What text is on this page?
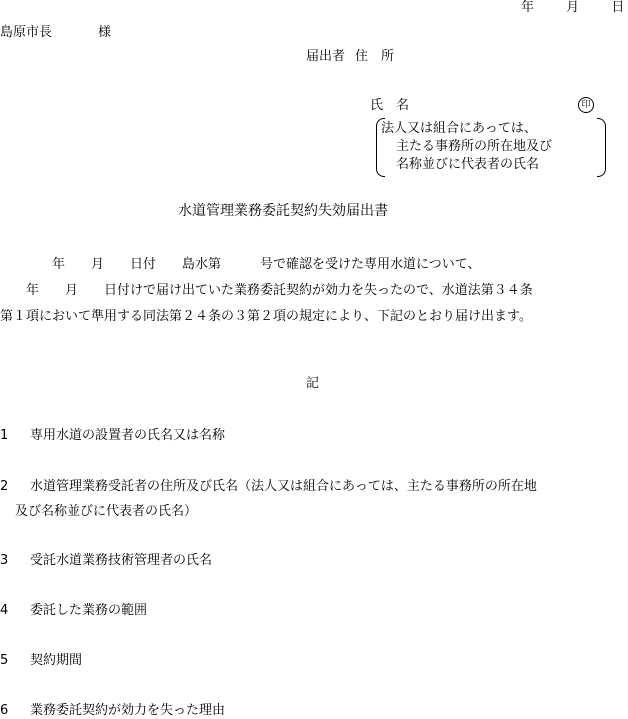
年 月 日
島原市長	様
届出者 住　所
氏　名	印
法人又は組合にあっては、
主たる事務所の所在地及び
名称並びに代表者の氏名
水道管理業務委託契約失効届出書
　　　　年　　月　　日付　　島水第　　　号で確認を受けた専用水道について、
　　年　　月　　日付けで届け出ていた業務委託契約が効力を失ったので、水道法第３４条
第１項において準用する同法第２４条の３第２項の規定により、下記のとおり届け出ます。
記
1 専用水道の設置者の氏名又は名称
2 水道管理業務受託者の住所及び氏名（法人又は組合にあっては、主たる事務所の所在地
及び名称並びに代表者の氏名）
3 受託水道業務技術管理者の氏名
4 委託した業務の範囲
5 契約期間
6 業務委託契約が効力を失った理由
